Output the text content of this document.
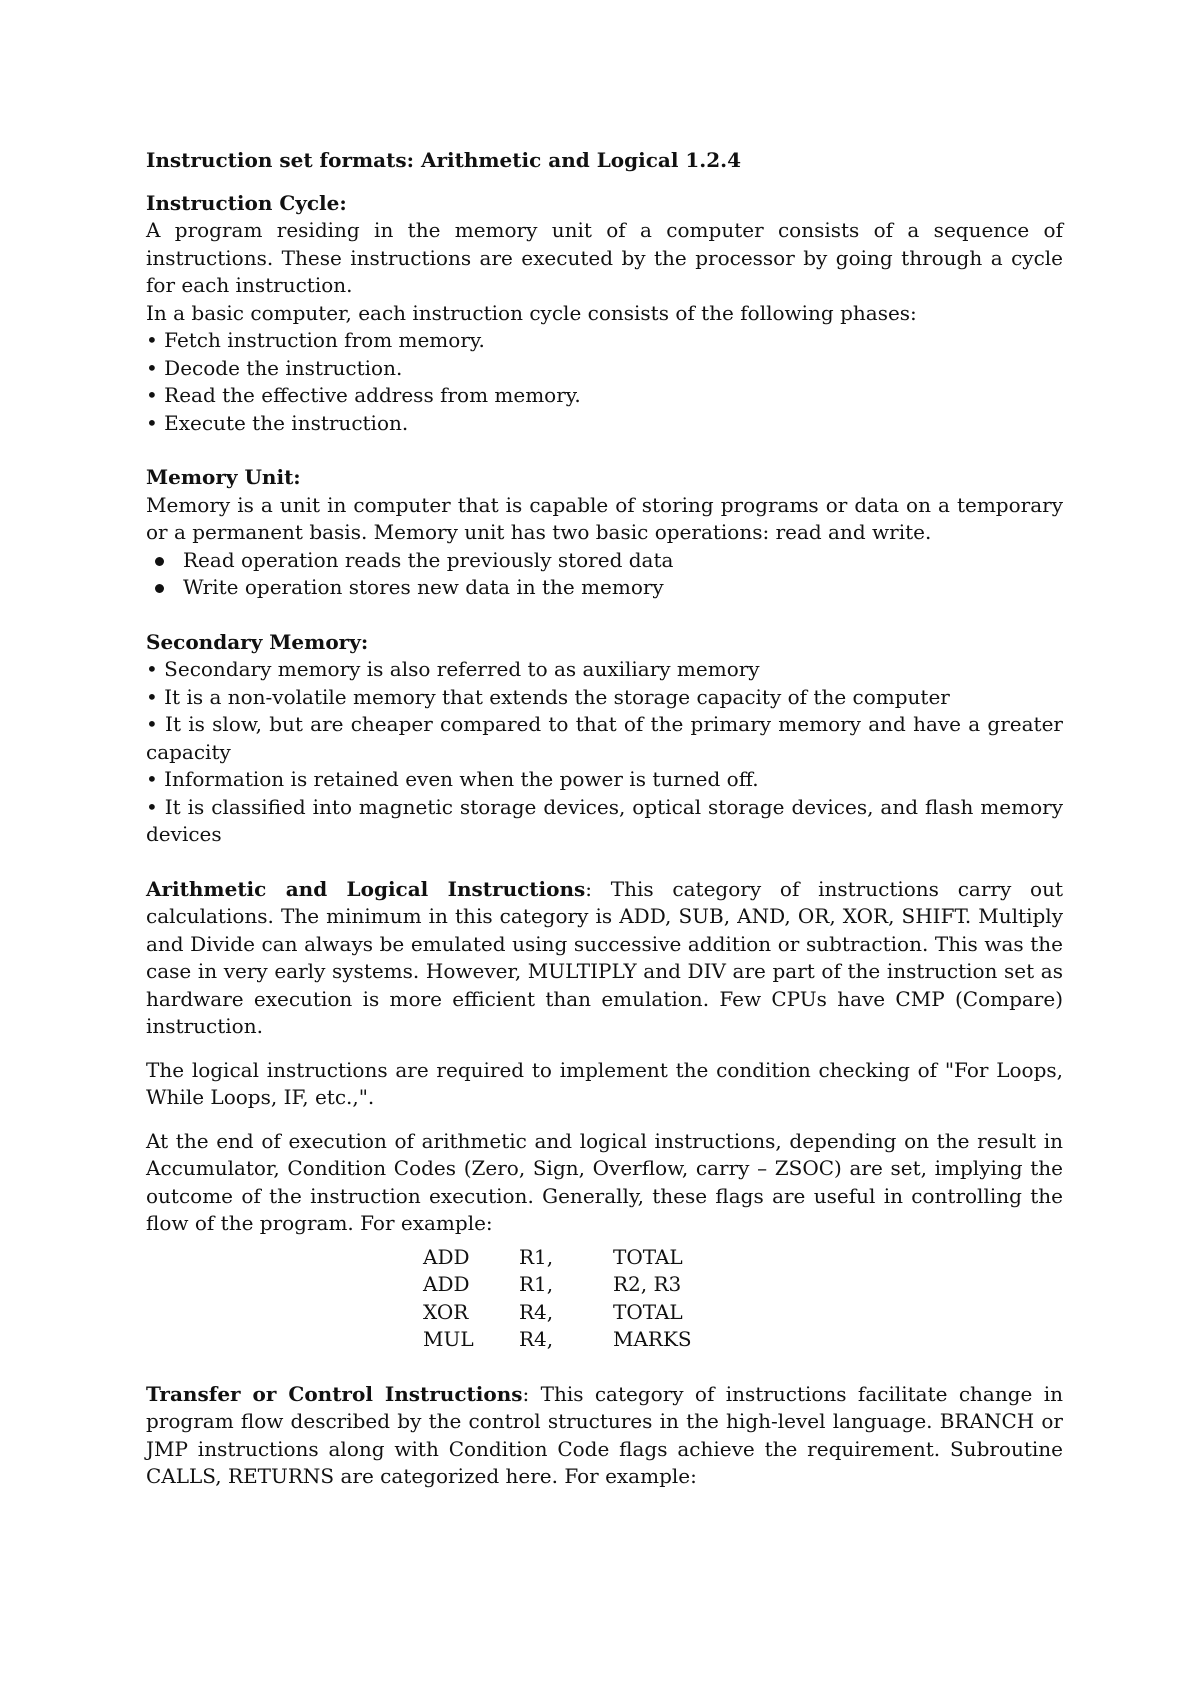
Instruction set formats: Arithmetic and Logical 1.2.4

Instruction Cycle:

A program residing in the memory unit of a computer consists of a sequence of instructions. These instructions are executed by the processor by going through a cycle for each instruction.

In a basic computer, each instruction cycle consists of the following phases:

• Fetch instruction from memory.
• Decode the instruction.
• Read the effective address from memory.
• Execute the instruction.

Memory Unit:

Memory is a unit in computer that is capable of storing programs or data on a temporary or a permanent basis. Memory unit has two basic operations: read and write.

Read operation reads the previously stored data
Write operation stores new data in the memory

Secondary Memory:

• Secondary memory is also referred to as auxiliary memory

• It is a non-volatile memory that extends the storage capacity of the computer

• It is slow, but are cheaper compared to that of the primary memory and have a greater capacity

• Information is retained even when the power is turned off.

• It is classified into magnetic storage devices, optical storage devices, and flash memory devices

Arithmetic and Logical Instructions: This category of instructions carry out calculations. The minimum in this category is ADD, SUB, AND, OR, XOR, SHIFT. Multiply and Divide can always be emulated using successive addition or subtraction. This was the case in very early systems. However, MULTIPLY and DIV are part of the instruction set as hardware execution is more efficient than emulation. Few CPUs have CMP (Compare) instruction.

The logical instructions are required to implement the condition checking of "For Loops, While Loops, IF, etc.,".

At the end of execution of arithmetic and logical instructions, depending on the result in Accumulator, Condition Codes (Zero, Sign, Overflow, carry – ZSOC) are set, implying the outcome of the instruction execution. Generally, these flags are useful in controlling the flow of the program. For example:

ADD	R1,	TOTAL
ADD	R1,	R2, R3
XOR	R4,	TOTAL
MUL	R4,	MARKS

Transfer or Control Instructions: This category of instructions facilitate change in program flow described by the control structures in the high-level language. BRANCH or JMP instructions along with Condition Code flags achieve the requirement. Subroutine CALLS, RETURNS are categorized here. For example:
